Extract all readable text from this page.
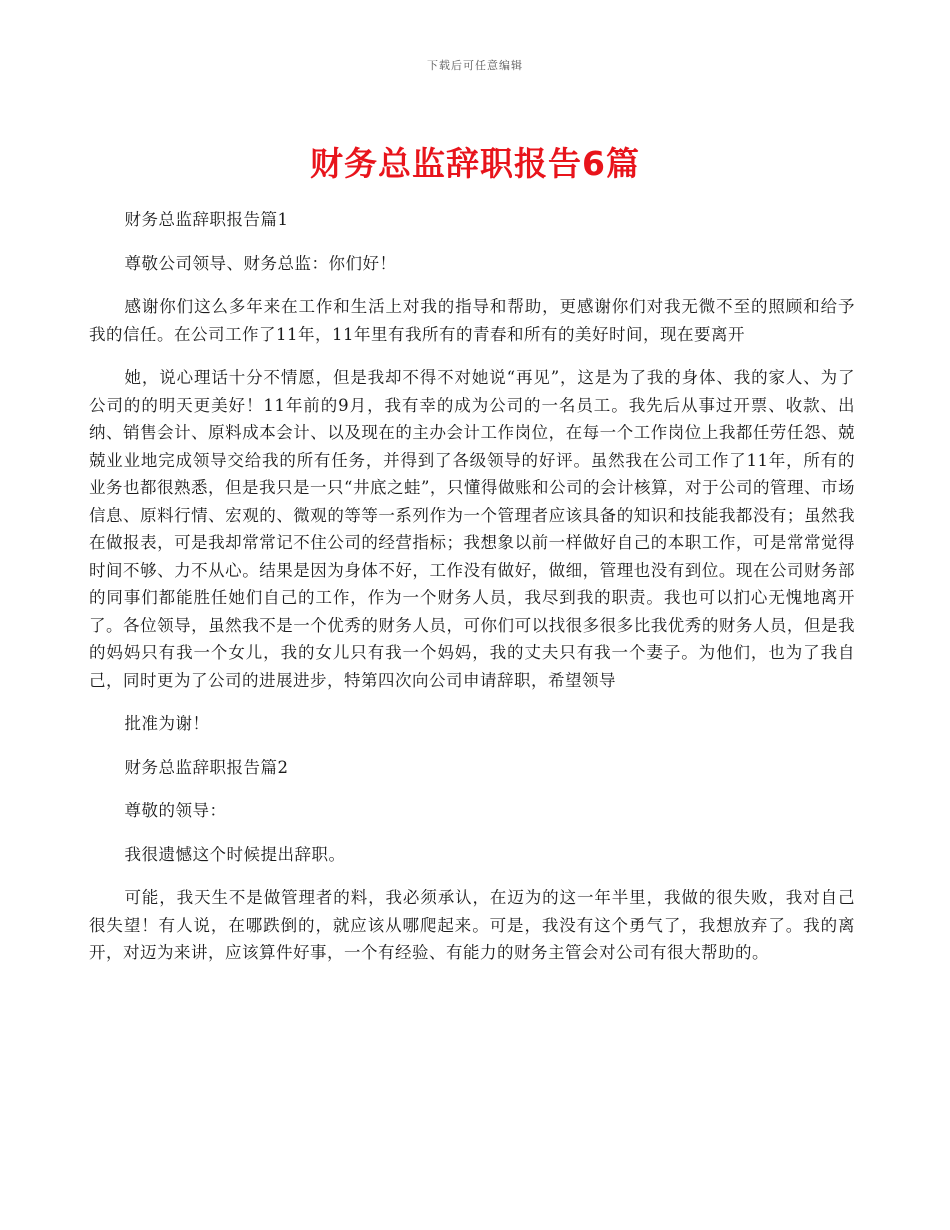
下载后可任意编辑
财务总监辞职报告6篇

财务总监辞职报告篇1

尊敬公司领导、财务总监：你们好！

感谢你们这么多年来在工作和生活上对我的指导和帮助，更感谢你们对我无微不至的照顾和给予我的信任。在公司工作了11年，11年里有我所有的青春和所有的美好时间，现在要离开

她，说心理话十分不情愿，但是我却不得不对她说“再见”，这是为了我的身体、我的家人、为了公司的的明天更美好！11年前的9月，我有幸的成为公司的一名员工。我先后从事过开票、收款、出纳、销售会计、原料成本会计、以及现在的主办会计工作岗位，在每一个工作岗位上我都任劳任怨、兢兢业业地完成领导交给我的所有任务，并得到了各级领导的好评。虽然我在公司工作了11年，所有的业务也都很熟悉，但是我只是一只“井底之蛙”，只懂得做账和公司的会计核算，对于公司的管理、市场信息、原料行情、宏观的、微观的等等一系列作为一个管理者应该具备的知识和技能我都没有；虽然我在做报表，可是我却常常记不住公司的经营指标；我想象以前一样做好自己的本职工作，可是常常觉得时间不够、力不从心。结果是因为身体不好，工作没有做好，做细，管理也没有到位。现在公司财务部的同事们都能胜任她们自己的工作，作为一个财务人员，我尽到我的职责。我也可以扪心无愧地离开了。各位领导，虽然我不是一个优秀的财务人员，可你们可以找很多很多比我优秀的财务人员，但是我的妈妈只有我一个女儿，我的女儿只有我一个妈妈，我的丈夫只有我一个妻子。为他们，也为了我自己，同时更为了公司的进展进步，特第四次向公司申请辞职，希望领导

批准为谢！

财务总监辞职报告篇2

尊敬的领导：

我很遗憾这个时候提出辞职。

可能，我天生不是做管理者的料，我必须承认，在迈为的这一年半里，我做的很失败，我对自己很失望！有人说，在哪跌倒的，就应该从哪爬起来。可是，我没有这个勇气了，我想放弃了。我的离开，对迈为来讲，应该算件好事，一个有经验、有能力的财务主管会对公司有很大帮助的。
